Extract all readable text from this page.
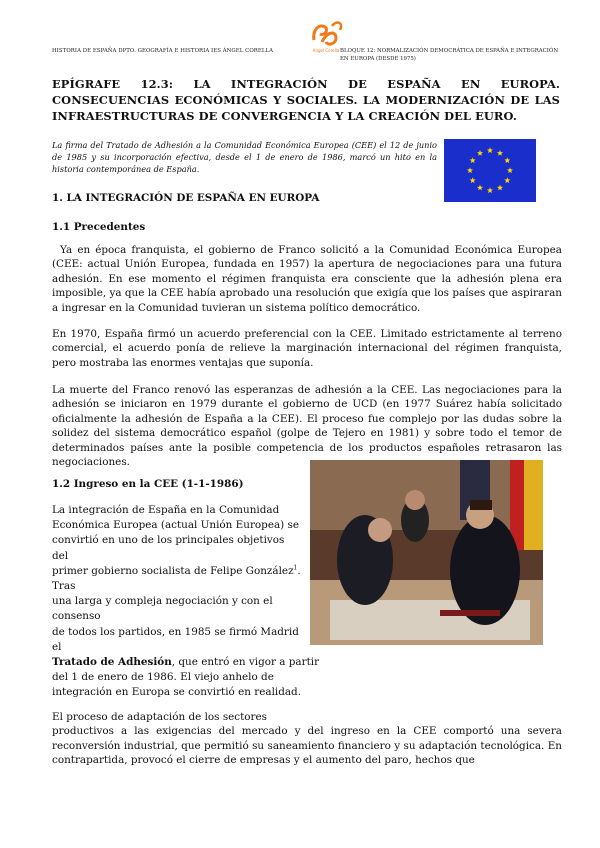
HISTORIA DE ESPAÑA DPTO. GEOGRAFÍA E HISTORIA IES ÁNGEL CORELLA	Angel Corella BLOQUE 12: NORMALIZACIÓN DEMOCRÁTICA DE ESPAÑA E INTEGRACIÓN EN EUROPA (DESDE 1975)
EPÍGRAFE 12.3: LA INTEGRACIÓN DE ESPAÑA EN EUROPA. CONSECUENCIAS ECONÓMICAS Y SOCIALES. LA MODERNIZACIÓN DE LAS INFRAESTRUCTURAS DE CONVERGENCIA Y LA CREACIÓN DEL EURO.
La firma del Tratado de Adhesión a la Comunidad Económica Europea (CEE) el 12 de junio de 1985 y su incorporación efectiva, desde el 1 de enero de 1986, marcó un hito en la historia contemporánea de España.
1. LA INTEGRACIÓN DE ESPAÑA EN EUROPA
1.1 Precedentes
Ya en época franquista, el gobierno de Franco solicitó a la Comunidad Económica Europea (CEE: actual Unión Europea, fundada en 1957) la apertura de negociaciones para una futura adhesión. En ese momento el régimen franquista era consciente que la adhesión plena era imposible, ya que la CEE había aprobado una resolución que exigía que los países que aspiraran a ingresar en la Comunidad tuvieran un sistema político democrático.
En 1970, España firmó un acuerdo preferencial con la CEE. Limitado estrictamente al terreno comercial, el acuerdo ponía de relieve la marginación internacional del régimen franquista, pero mostraba las enormes ventajas que suponía.
La muerte del Franco renovó las esperanzas de adhesión a la CEE. Las negociaciones para la adhesión se iniciaron en 1979 durante el gobierno de UCD (en 1977 Suárez había solicitado oficialmente la adhesión de España a la CEE). El proceso fue complejo por las dudas sobre la solidez del sistema democrático español (golpe de Tejero en 1981) y sobre todo el temor de determinados países ante la posible competencia de los productos españoles retrasaron las negociaciones.
1.2 Ingreso en la CEE (1-1-1986)
La integración de España en la Comunidad
Económica Europea (actual Unión Europea) se
convirtió en uno de los principales objetivos
del
primer gobierno socialista de Felipe González$^1$.
Tras
una larga y compleja negociación y con el
consenso
de todos los partidos, en 1985 se firmó Madrid
el
Tratado de Adhesión, que entró en vigor a partir
del 1 de enero de 1986. El viejo anhelo de
integración en Europa se convirtió en realidad.
El proceso de adaptación de los sectores
productivos a las exigencias del mercado y del ingreso en la CEE comportó una severa reconversión industrial, que permitió su saneamiento financiero y su adaptación tecnológica. En contrapartida, provocó el cierre de empresas y el aumento del paro, hechos que
